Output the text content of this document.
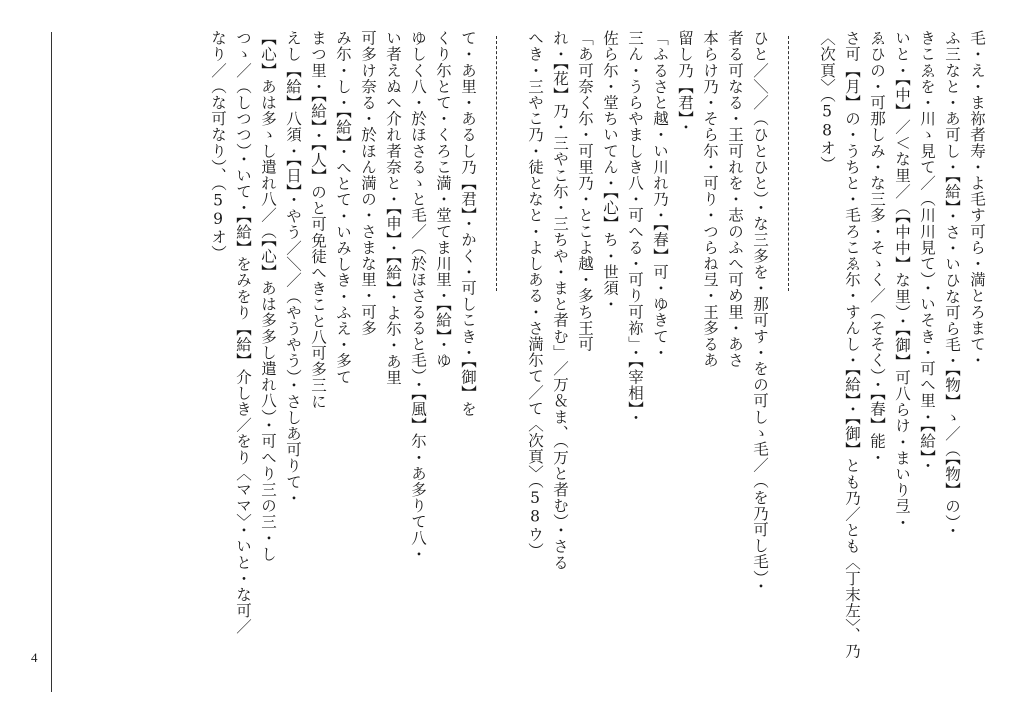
4
毛・え・ま祢者寿・よ毛す可ら・満とろまて・
ふ三なと・あ可し・【給】・さ・いひな可ら毛・【物】ゝ／（【物】の）・
きこゑを・川ゝ見て／（川川見て）・いそき・可へ里・【給】・
いと・【中】／＜な里／（【中中】な里）・【御】可八らけ・まいり弖・
ゑひの・可那しみ・な三多・そゝく／（そそく）・【春】能・
さ可【月】の・うちと・毛ろこゑ尓・すんし・【給】・【御】とも乃／とも〈丁末左〉、乃
〈次頁〉（58オ）
ひと／＼／（ひとひと）・な三多を・那可す・をの可しゝ毛／（を乃可し毛）・
者る可なる・王可れを・志のふへ可め里・あさ
本らけ乃・そら尓・可り・つらね弖・王多るあ
留し乃【君】・
「ふるさと越・い川れ乃・【春】可・ゆきて・
三ん・うらやましき八・可へる・可り可祢」・【宰相】・
佐ら尓・堂ちいてん・【心】ち・世須・
「あ可奈く尓・可里乃・とこよ越・多ち王可
れ・【花】乃・三やこ尓・三ちや・まと者む」／万＆ま、（万と者む）・さる
へき・三やこ乃・徒となと・よしある・さ満尓て／て〈次頁〉（58ウ）
て・あ里・あるし乃【君】・かく・可しこき・【御】を
くり尓とて・くろこ満・堂てま川里・【給】・ゆ
ゆしく八・於ほさるゝと毛／（於ほさるると毛）・【風】尓・あ多りて八・
い者えぬへ介れ者奈と・【申】・【給】・よ尓・あ里
可多け奈る・於ほん満の・さまな里・可多
み尓・し・【給】・へとて・いみしき・ふえ・多て
まつ里・【給】・【人】のと可免徒へきこと八可多三に
えし【給】八須・【日】・やう／＼／（やうやう）・さしあ可りて・
【心】あは多ゝし遣れ八／（【心】あは多多し遣れ八）・可へり三の三・し
つゝ／（しつつ）・いて・【給】をみをり【給】介しき／をり〈ママ〉・いと・な可／
なり／（な可なり）、（59オ）
